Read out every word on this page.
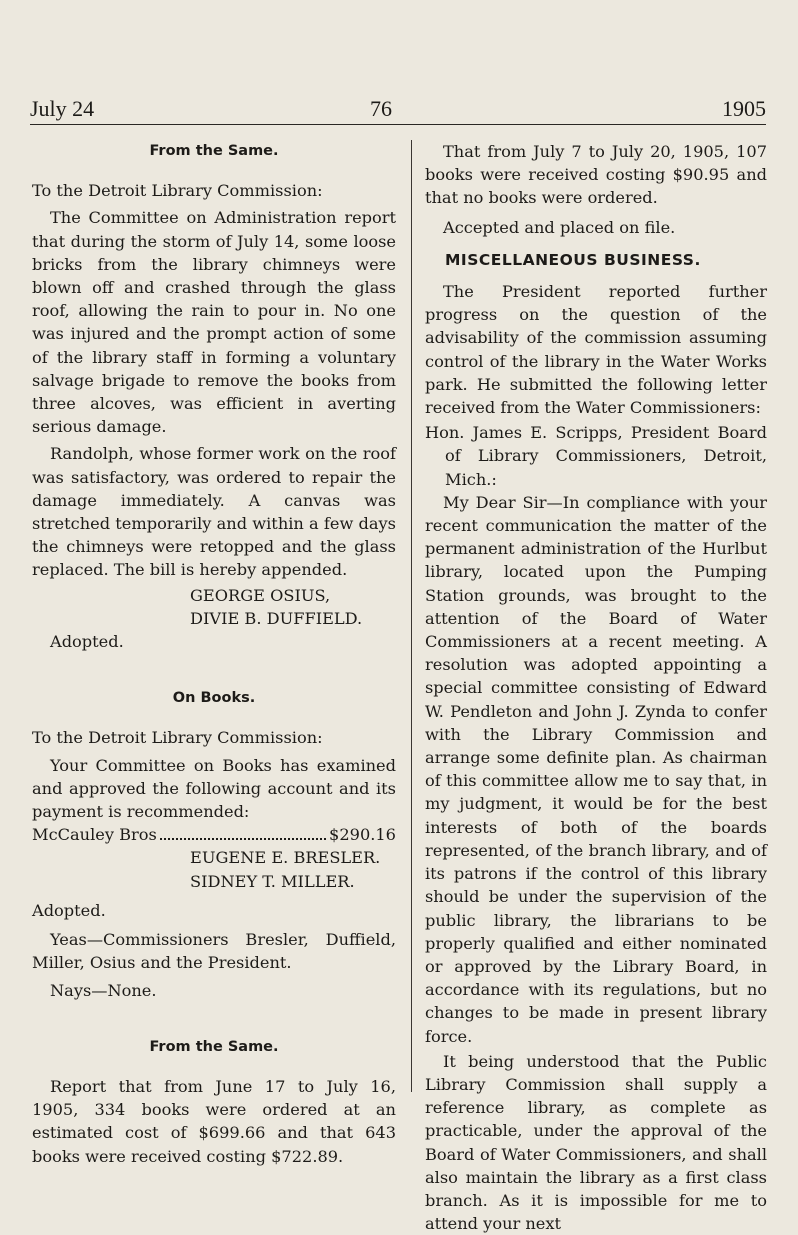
July 24	76	1905
From the Same.

To the Detroit Library Commission:

The Committee on Administration report that during the storm of July 14, some loose bricks from the library chimneys were blown off and crashed through the glass roof, allowing the rain to pour in. No one was injured and the prompt action of some of the library staff in forming a voluntary salvage brigade to remove the books from three alcoves, was efficient in averting serious damage.

Randolph, whose former work on the roof was satisfactory, was ordered to repair the damage immediately. A canvas was stretched temporarily and within a few days the chimneys were retopped and the glass replaced. The bill is hereby appended.

GEORGE OSIUS,

DIVIE B. DUFFIELD.

Adopted.

On Books.

To the Detroit Library Commission:

Your Committee on Books has examined and approved the following account and its payment is recommended:

McCauley Bros	$290.16

EUGENE E. BRESLER.

SIDNEY T. MILLER.

Adopted.

Yeas—Commissioners Bresler, Duffield, Miller, Osius and the President.

Nays—None.

From the Same.

Report that from June 17 to July 16, 1905, 334 books were ordered at an estimated cost of $699.66 and that 643 books were received costing $722.89.

That from July 7 to July 20, 1905, 107 books were received costing $90.95 and that no books were ordered.

Accepted and placed on file.

MISCELLANEOUS BUSINESS.

The President reported further progress on the question of the advisability of the commission assuming control of the library in the Water Works park. He submitted the following letter received from the Water Commissioners:

Hon. James E. Scripps, President Board of Library Commissioners, Detroit, Mich.:

My Dear Sir—In compliance with your recent communication the matter of the permanent administration of the Hurlbut library, located upon the Pumping Station grounds, was brought to the attention of the Board of Water Commissioners at a recent meeting. A resolution was adopted appointing a special committee consisting of Edward W. Pendleton and John J. Zynda to confer with the Library Commission and arrange some definite plan. As chairman of this committee allow me to say that, in my judgment, it would be for the best interests of both of the boards represented, of the branch library, and of its patrons if the control of this library should be under the supervision of the public library, the librarians to be properly qualified and either nominated or approved by the Library Board, in accordance with its regulations, but no changes to be made in present library force.

It being understood that the Public Library Commission shall supply a reference library, as complete as practicable, under the approval of the Board of Water Commissioners, and shall also maintain the library as a first class branch. As it is impossible for me to attend your next
